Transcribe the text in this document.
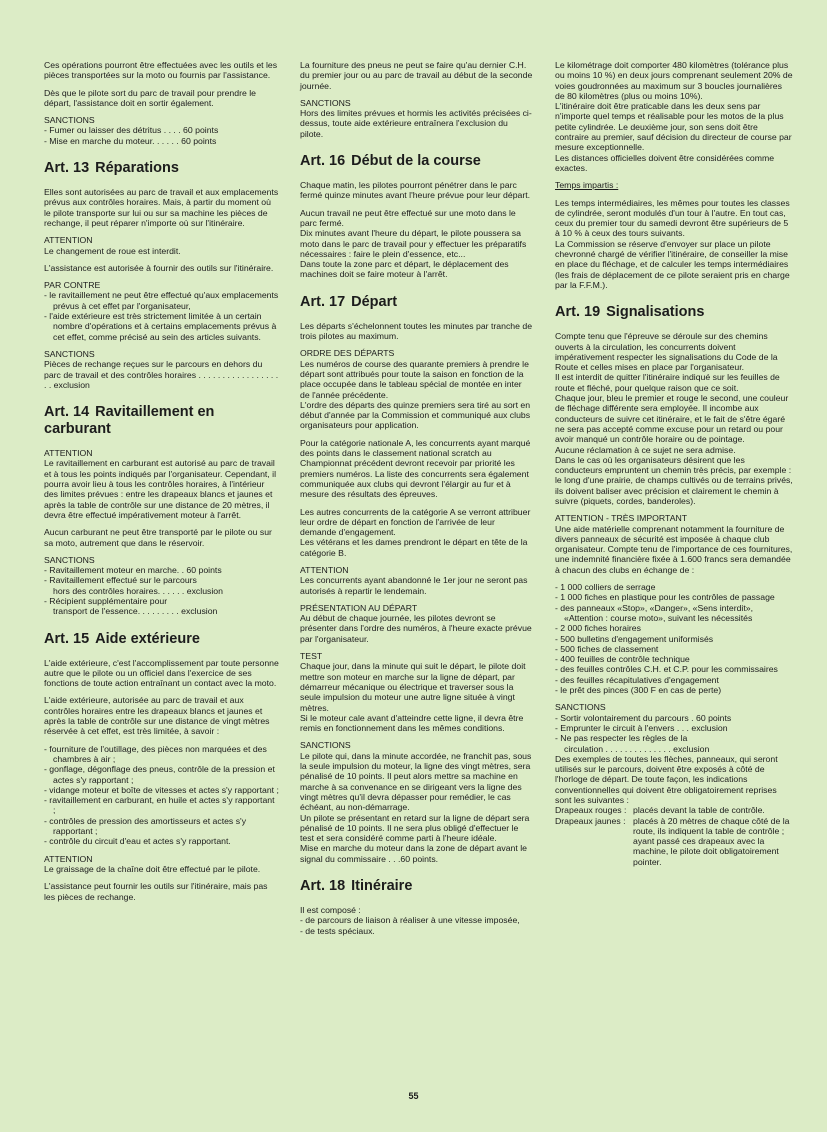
Ces opérations pourront être effectuées avec les outils et les pièces transportées sur la moto ou fournis par l'assistance.

Dès que le pilote sort du parc de travail pour prendre le départ, l'assistance doit en sortir également.

SANCTIONS

- Fumer ou laisser des détritus . . . . 60 points

- Mise en marche du moteur. . . . . . 60 points

Art. 13 Réparations

Elles sont autorisées au parc de travail et aux emplacements prévus aux contrôles horaires. Mais, à partir du moment où le pilote transporte sur lui ou sur sa machine les pièces de rechange, il peut réparer n'importe où sur l'itinéraire.

ATTENTION

Le changement de roue est interdit.

L'assistance est autorisée à fournir des outils sur l'itinéraire.

PAR CONTRE

- le ravitaillement ne peut être effectué qu'aux emplacements prévus à cet effet par l'organisateur,

- l'aide extérieure est très strictement limitée à un certain nombre d'opérations et à certains emplacements prévus à cet effet, comme précisé au sein des articles suivants.

SANCTIONS

Pièces de rechange reçues sur le parcours en dehors du parc de travail et des contrôles horaires . . . . . . . . . . . . . . . . . . . exclusion

Art. 14 Ravitaillement en carburant

ATTENTION

Le ravitaillement en carburant est autorisé au parc de travail et à tous les points indiqués par l'organisateur. Cependant, il pourra avoir lieu à tous les contrôles horaires, à l'intérieur des limites prévues : entre les drapeaux blancs et jaunes et après la table de contrôle sur une distance de 20 mètres, il devra être effectué impérativement moteur à l'arrêt.

Aucun carburant ne peut être transporté par le pilote ou sur sa moto, autrement que dans le réservoir.

SANCTIONS

- Ravitaillement moteur en marche. . 60 points

- Ravitaillement effectué sur le parcours

hors des contrôles horaires. . . . . . exclusion

- Récipient supplémentaire pour

transport de l'essence. . . . . . . . . exclusion

Art. 15 Aide extérieure

L'aide extérieure, c'est l'accomplissement par toute personne autre que le pilote ou un officiel dans l'exercice de ses fonctions de toute action entraînant un contact avec la moto.

L'aide extérieure, autorisée au parc de travail et aux contrôles horaires entre les drapeaux blancs et jaunes et après la table de contrôle sur une distance de vingt mètres réservée à cet effet, est très limitée, à savoir :

- fourniture de l'outillage, des pièces non marquées et des chambres à air ;

- gonflage, dégonflage des pneus, contrôle de la pression et actes s'y rapportant ;

- vidange moteur et boîte de vitesses et actes s'y rapportant ;

- ravitaillement en carburant, en huile et actes s'y rapportant ;

- contrôles de pression des amortisseurs et actes s'y rapportant ;

- contrôle du circuit d'eau et actes s'y rapportant.

ATTENTION

Le graissage de la chaîne doit être effectué par le pilote.

L'assistance peut fournir les outils sur l'itinéraire, mais pas les pièces de rechange.

La fourniture des pneus ne peut se faire qu'au dernier C.H. du premier jour ou au parc de travail au début de la seconde journée.

SANCTIONS

Hors des limites prévues et hormis les activités précisées ci-dessus, toute aide extérieure entraînera l'exclusion du pilote.

Art. 16 Début de la course

Chaque matin, les pilotes pourront pénétrer dans le parc fermé quinze minutes avant l'heure prévue pour leur départ.

Aucun travail ne peut être effectué sur une moto dans le parc fermé.

Dix minutes avant l'heure du départ, le pilote poussera sa moto dans le parc de travail pour y effectuer les préparatifs nécessaires : faire le plein d'essence, etc...

Dans toute la zone parc et départ, le déplacement des machines doit se faire moteur à l'arrêt.

Art. 17 Départ

Les départs s'échelonnent toutes les minutes par tranche de trois pilotes au maximum.

ORDRE DES DÉPARTS

Les numéros de course des quarante premiers à prendre le départ sont attribués pour toute la saison en fonction de la place occupée dans le tableau spécial de montée en inter de l'année précédente.

L'ordre des départs des quinze premiers sera tiré au sort en début d'année par la Commission et communiqué aux clubs organisateurs pour application.

Pour la catégorie nationale A, les concurrents ayant marqué des points dans le classement national scratch au Championnat précédent devront recevoir par priorité les premiers numéros. La liste des concurrents sera également communiquée aux clubs qui devront l'élargir au fur et à mesure des résultats des épreuves.

Les autres concurrents de la catégorie A se verront attribuer leur ordre de départ en fonction de l'arrivée de leur demande d'engagement.

Les vétérans et les dames prendront le départ en tête de la catégorie B.

ATTENTION

Les concurrents ayant abandonné le 1er jour ne seront pas autorisés à repartir le lendemain.

PRÉSENTATION AU DÉPART

Au début de chaque journée, les pilotes devront se présenter dans l'ordre des numéros, à l'heure exacte prévue par l'organisateur.

TEST

Chaque jour, dans la minute qui suit le départ, le pilote doit mettre son moteur en marche sur la ligne de départ, par démarreur mécanique ou électrique et traverser sous la seule impulsion du moteur une autre ligne située à vingt mètres.

Si le moteur cale avant d'atteindre cette ligne, il devra être remis en fonctionnement dans les mêmes conditions.

SANCTIONS

Le pilote qui, dans la minute accordée, ne franchit pas, sous la seule impulsion du moteur, la ligne des vingt mètres, sera pénalisé de 10 points. Il peut alors mettre sa machine en marche à sa convenance en se dirigeant vers la ligne des vingt mètres qu'il devra dépasser pour remédier, le cas échéant, au non-démarrage.

Un pilote se présentant en retard sur la ligne de départ sera pénalisé de 10 points. Il ne sera plus obligé d'effectuer le test et sera considéré comme parti à l'heure idéale.

Mise en marche du moteur dans la zone de départ avant le signal du commissaire . . .60 points.

Art. 18 Itinéraire

Il est composé :

- de parcours de liaison à réaliser à une vitesse imposée,

- de tests spéciaux.

Le kilométrage doit comporter 480 kilomètres (tolérance plus ou moins 10 %) en deux jours comprenant seulement 20% de voies goudronnées au maximum sur 3 boucles journalières de 80 kilomètres (plus ou moins 10%).

L'itinéraire doit être praticable dans les deux sens par n'importe quel temps et réalisable pour les motos de la plus petite cylindrée. Le deuxième jour, son sens doit être contraire au premier, sauf décision du directeur de course par mesure exceptionnelle.

Les distances officielles doivent être considérées comme exactes.

Temps impartis :

Les temps intermédiaires, les mêmes pour toutes les classes de cylindrée, seront modulés d'un tour à l'autre. En tout cas, ceux du premier tour du samedi devront être supérieurs de 5 à 10 % à ceux des tours suivants.

La Commission se réserve d'envoyer sur place un pilote chevronné chargé de vérifier l'itinéraire, de conseiller la mise en place du fléchage, et de calculer les temps intermédiaires (les frais de déplacement de ce pilote seraient pris en charge par la F.F.M.).

Art. 19 Signalisations

Compte tenu que l'épreuve se déroule sur des chemins ouverts à la circulation, les concurrents doivent impérativement respecter les signalisations du Code de la Route et celles mises en place par l'organisateur.

Il est interdit de quitter l'itinéraire indiqué sur les feuilles de route et fléché, pour quelque raison que ce soit.

Chaque jour, bleu le premier et rouge le second, une couleur de fléchage différente sera employée. Il incombe aux conducteurs de suivre cet itinéraire, et le fait de s'être égaré ne sera pas accepté comme excuse pour un retard ou pour avoir manqué un contrôle horaire ou de pointage.

Aucune réclamation à ce sujet ne sera admise.

Dans le cas où les organisateurs désirent que les conducteurs empruntent un chemin très précis, par exemple : le long d'une prairie, de champs cultivés ou de terrains privés, ils doivent baliser avec précision et clairement le chemin à suivre (piquets, cordes, banderoles).

ATTENTION - TRÈS IMPORTANT

Une aide matérielle comprenant notamment la fourniture de divers panneaux de sécurité est imposée à chaque club organisateur. Compte tenu de l'importance de ces fournitures, une indemnité financière fixée à 1.600 francs sera demandée à chacun des clubs en échange de :

- 1 000 colliers de serrage

- 1 000 fiches en plastique pour les contrôles de passage

- des panneaux «Stop», «Danger», «Sens interdit», «Attention : course moto», suivant les nécessités

- 2 000 fiches horaires

- 500 bulletins d'engagement uniformisés

- 500 fiches de classement

- 400 feuilles de contrôle technique

- des feuilles contrôles C.H. et C.P. pour les commissaires

- des feuilles récapitulatives d'engagement

- le prêt des pinces (300 F en cas de perte)

SANCTIONS

- Sortir volontairement du parcours . 60 points

- Emprunter le circuit à l'envers . . . exclusion

- Ne pas respecter les règles de la

circulation . . . . . . . . . . . . . . exclusion

Des exemples de toutes les flèches, panneaux, qui seront utilisés sur le parcours, doivent être exposés à côté de l'horloge de départ. De toute façon, les indications conventionnelles qui doivent être obligatoirement reprises sont les suivantes :

Drapeaux rouges : placés devant la table de contrôle.
Drapeaux jaunes : placés à 20 mètres de chaque côté de la route, ils indiquent la table de contrôle ; ayant passé ces drapeaux avec la machine, le pilote doit obligatoirement pointer.
55
